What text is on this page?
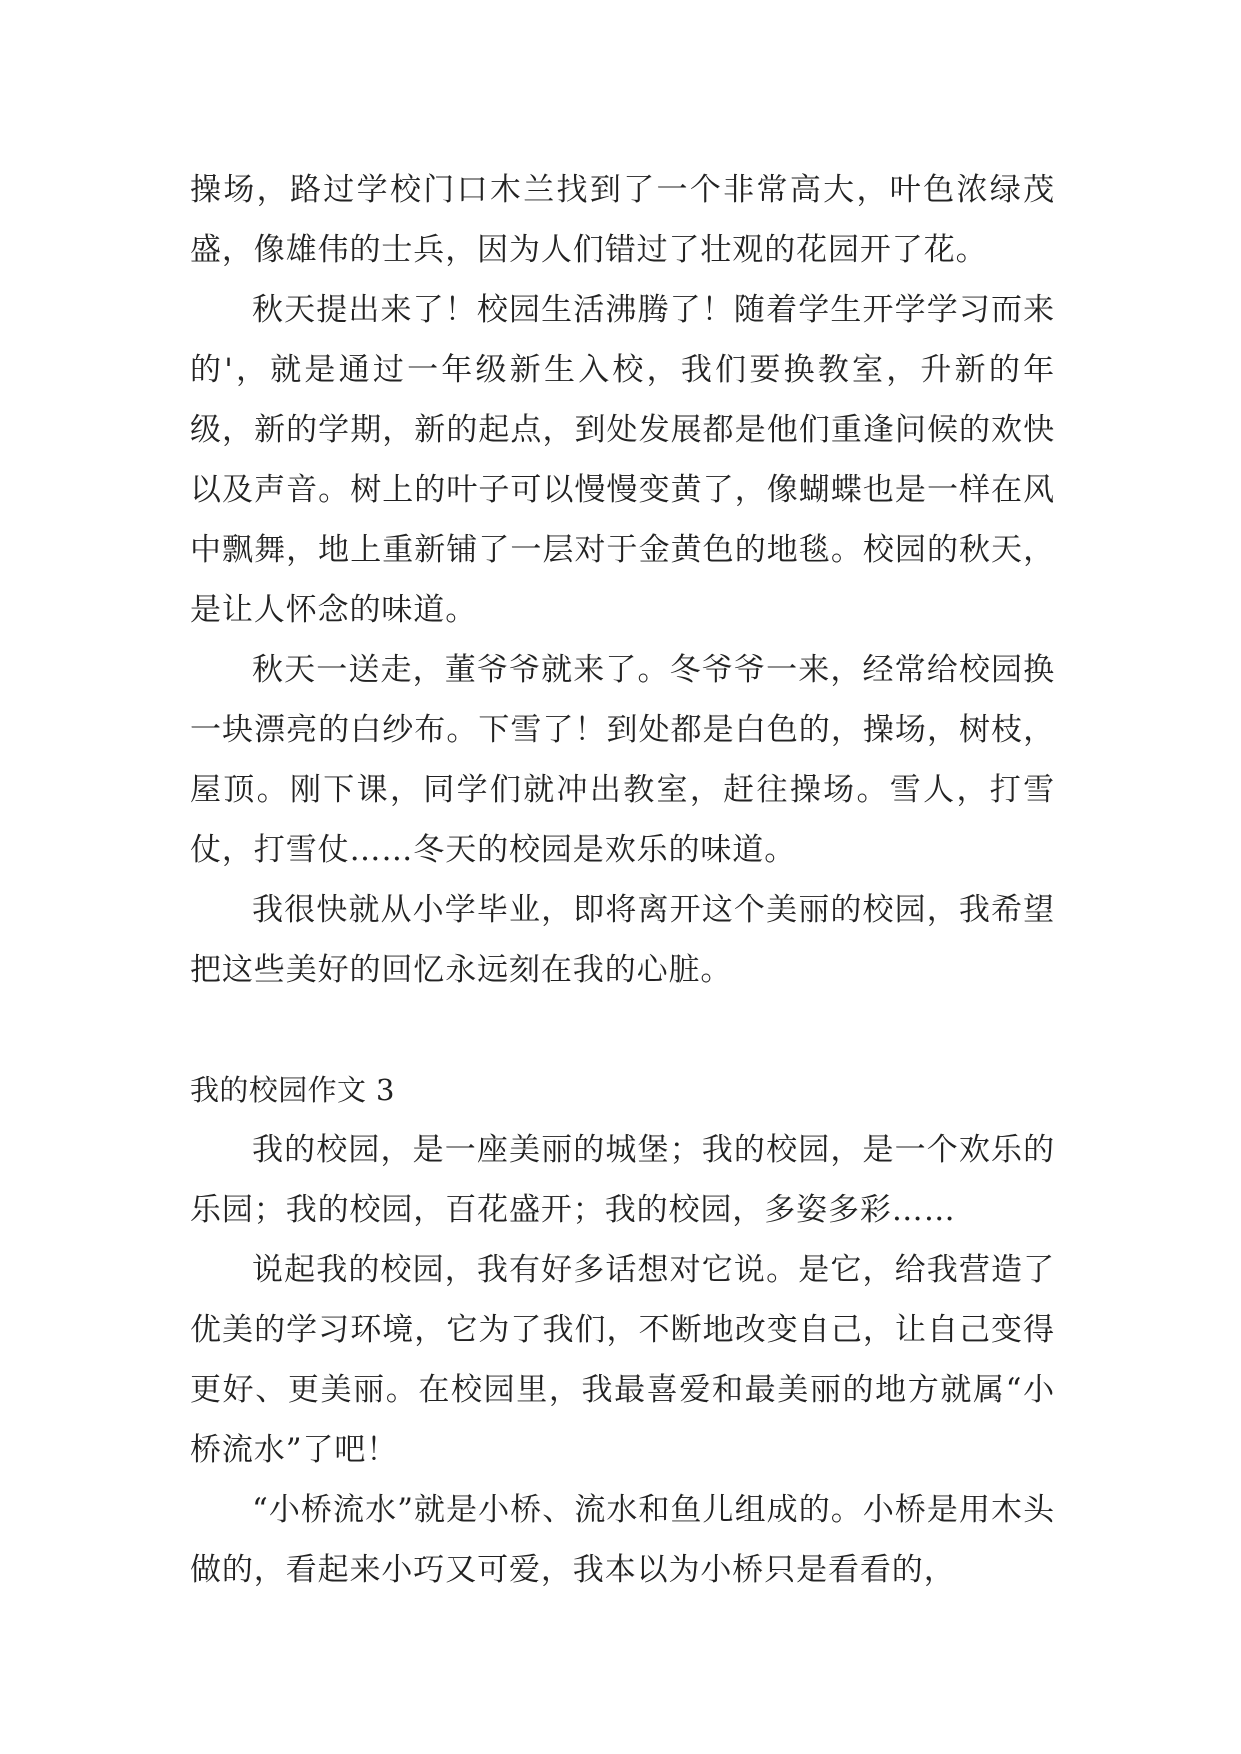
操场，路过学校门口木兰找到了一个非常高大，叶色浓绿茂盛，像雄伟的士兵，因为人们错过了壮观的花园开了花。

秋天提出来了！校园生活沸腾了！随着学生开学学习而来的'，就是通过一年级新生入校，我们要换教室，升新的年级，新的学期，新的起点，到处发展都是他们重逢问候的欢快以及声音。树上的叶子可以慢慢变黄了，像蝴蝶也是一样在风中飘舞，地上重新铺了一层对于金黄色的地毯。校园的秋天，是让人怀念的味道。

秋天一送走，董爷爷就来了。冬爷爷一来，经常给校园换一块漂亮的白纱布。下雪了！到处都是白色的，操场，树枝，屋顶。刚下课，同学们就冲出教室，赶往操场。雪人，打雪仗，打雪仗……冬天的校园是欢乐的味道。

我很快就从小学毕业，即将离开这个美丽的校园，我希望把这些美好的回忆永远刻在我的心脏。

我的校园作文 3

我的校园，是一座美丽的城堡；我的校园，是一个欢乐的乐园；我的校园，百花盛开；我的校园，多姿多彩……

说起我的校园，我有好多话想对它说。是它，给我营造了优美的学习环境，它为了我们，不断地改变自己，让自己变得更好、更美丽。在校园里，我最喜爱和最美丽的地方就属“小桥流水”了吧！

“小桥流水”就是小桥、流水和鱼儿组成的。小桥是用木头做的，看起来小巧又可爱，我本以为小桥只是看看的，
